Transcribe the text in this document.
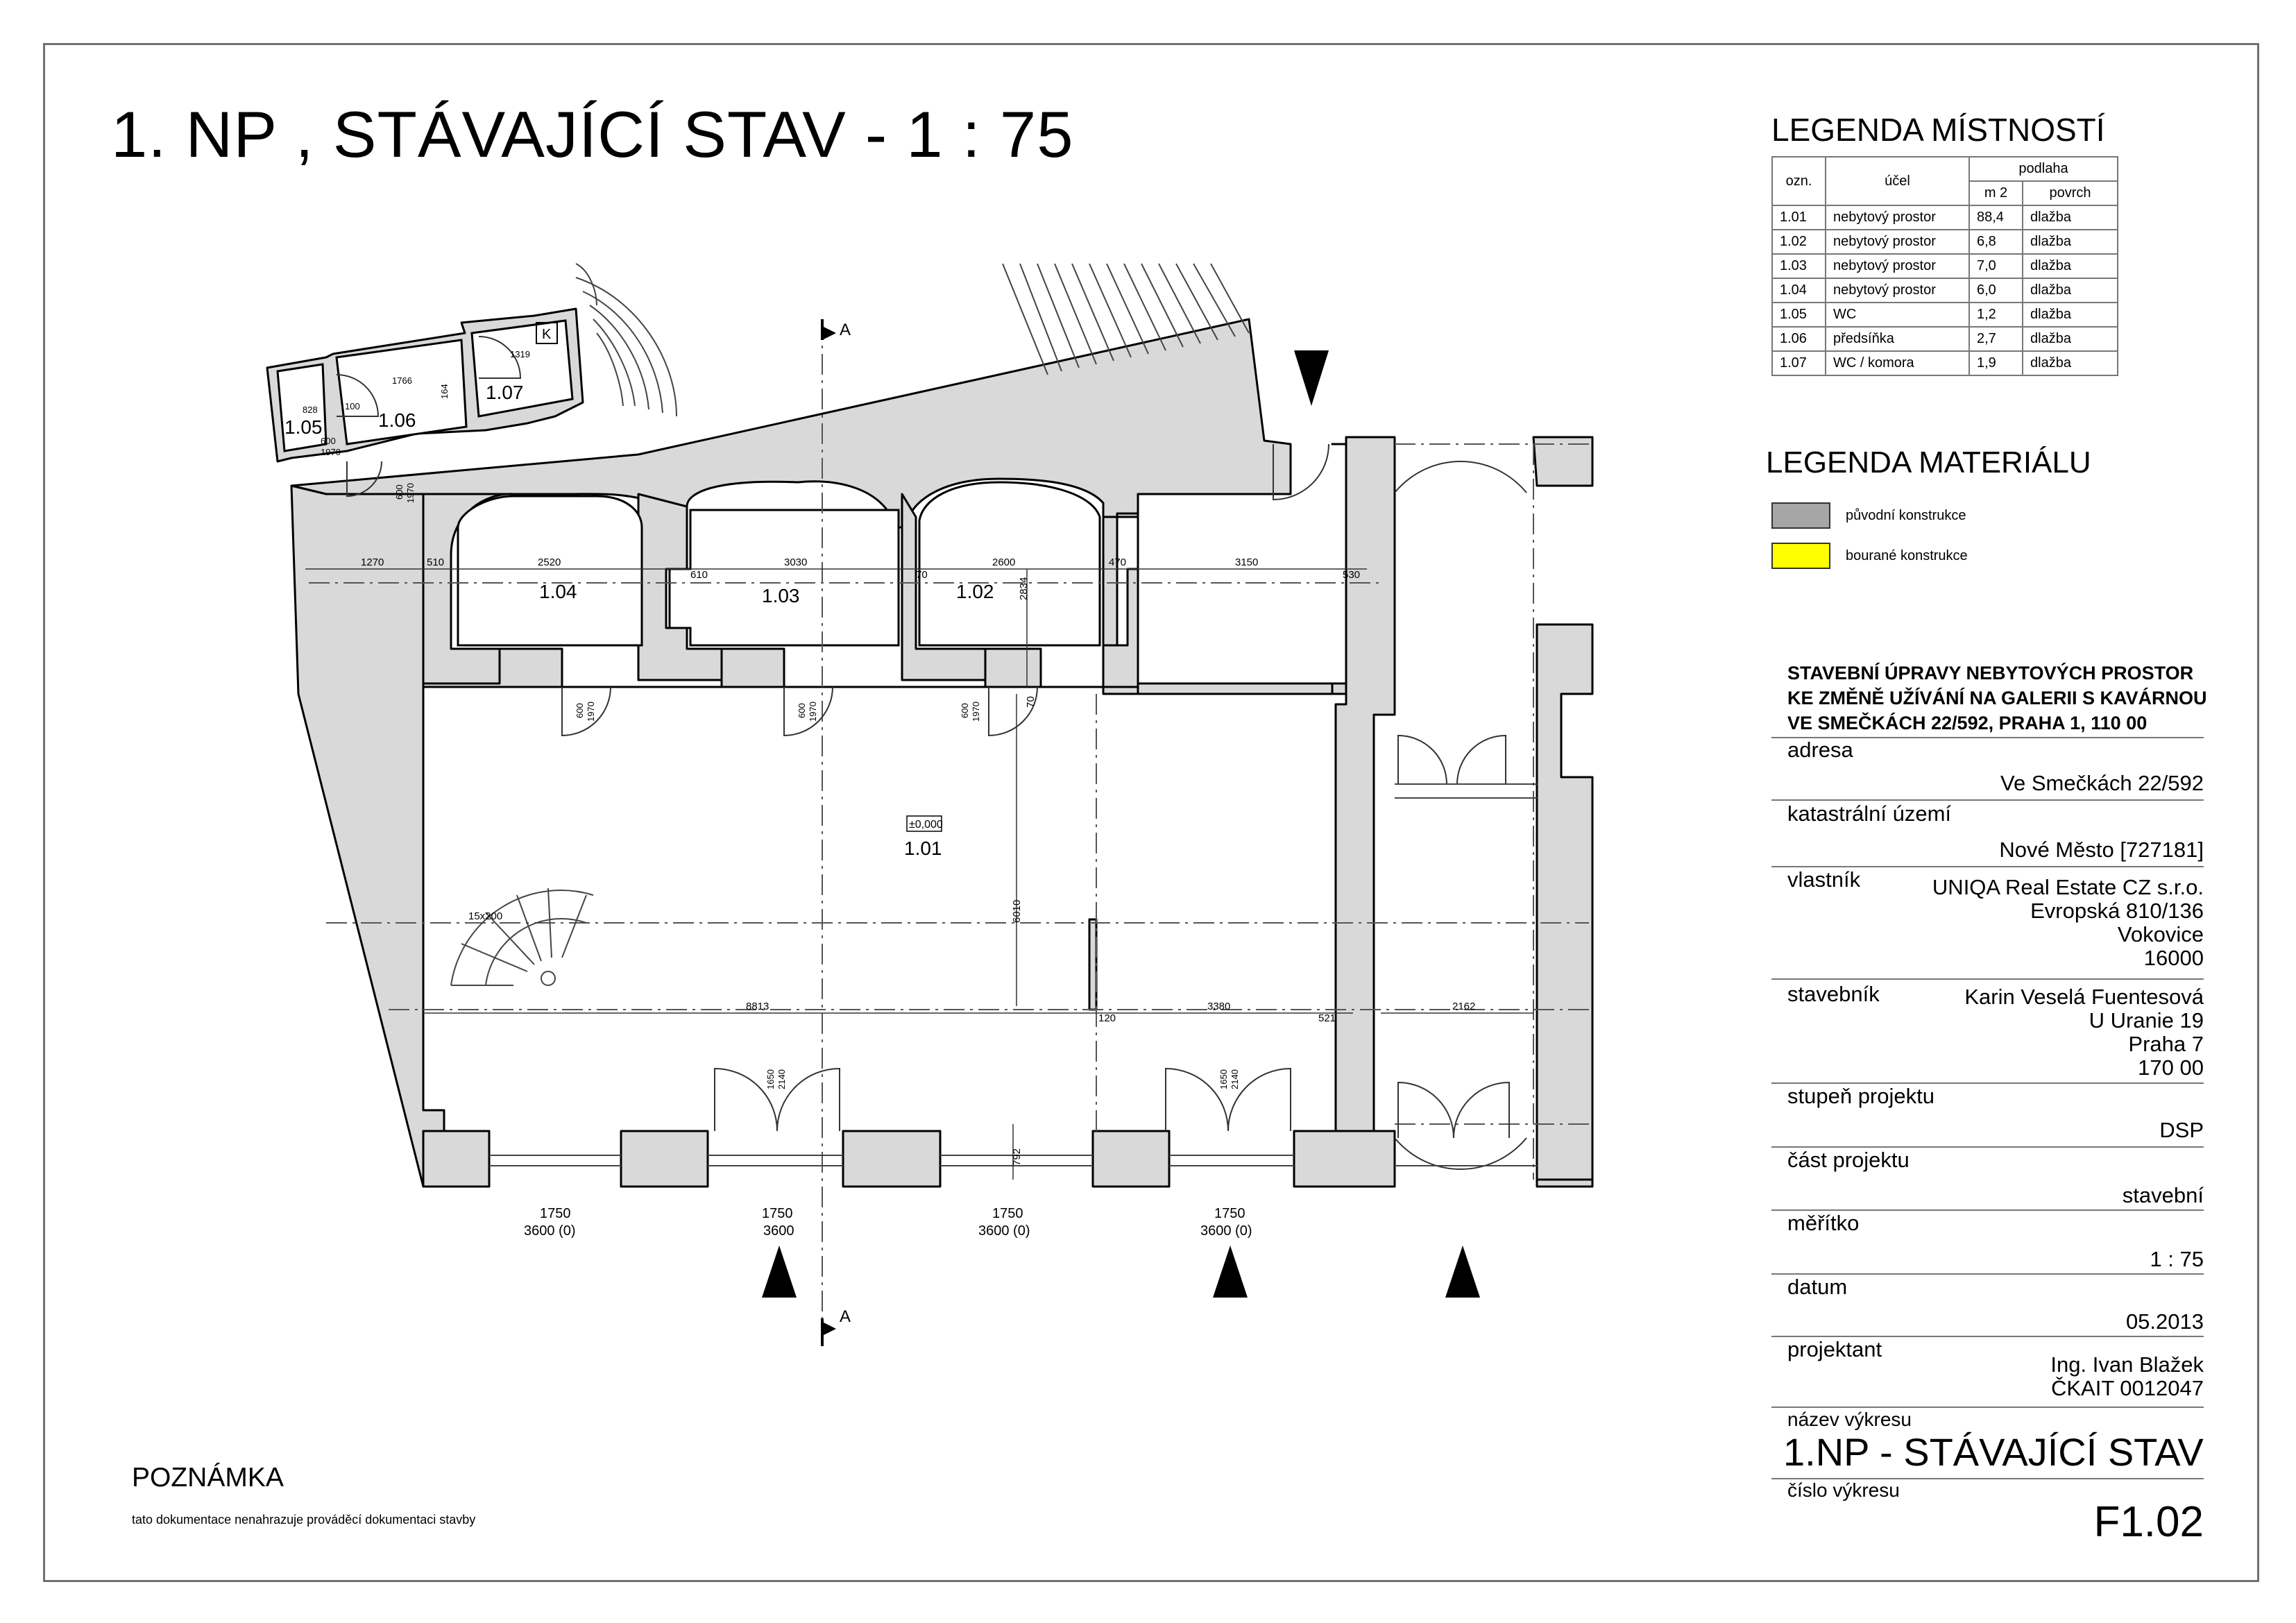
1. NP , STÁVAJÍCÍ STAV - 1 : 75
1.01
1.02
1.03
1.04
1.05	1.06
1.07
±0,000
K
15x200
A
A
1270	510	2520
610
3030
70
2600	470	3150
530
2834
6010
70
8813
120
3380
521
2162
792
828
1766
1319
100
164
600
1970
600 1970	600 1970	600 1970
600 1970
1650 2140	1650 2140
1750
3600 (0)
1750
3600
1750
3600 (0)
1750
3600 (0)
LEGENDA MÍSTNOSTÍ
ozn.	účel	podlaha	
		m 2	povrch
1.01	nebytový prostor	88,4	dlažba
1.02	nebytový prostor	6,8	dlažba
1.03	nebytový prostor	7,0	dlažba
1.04	nebytový prostor	6,0	dlažba
1.05	WC	1,2	dlažba
1.06	předsíňka	2,7	dlažba
1.07	WC / komora	1,9	dlažba
LEGENDA MATERIÁLU
původní konstrukce
bourané konstrukce
STAVEBNÍ ÚPRAVY NEBYTOVÝCH PROSTOR
KE ZMĚNĚ UŽÍVÁNÍ NA GALERII S KAVÁRNOU
VE SMEČKÁCH 22/592, PRAHA 1, 110 00
adresa
Ve Smečkách 22/592
katastrální území
Nové Město [727181]
vlastník	UNIQA Real Estate CZ s.r.o.
Evropská 810/136
Vokovice
16000
stavebník	Karin Veselá Fuentesová
U Uranie 19
Praha 7
170 00
stupeň projektu
DSP
část projektu
stavební
měřítko
1 : 75
datum
05.2013
projektant
Ing. Ivan Blažek
ČKAIT 0012047
název výkresu
1.NP - STÁVAJÍCÍ STAV
číslo výkresu
F1.02
POZNÁMKA
tato dokumentace nenahrazuje prováděcí dokumentaci stavby
